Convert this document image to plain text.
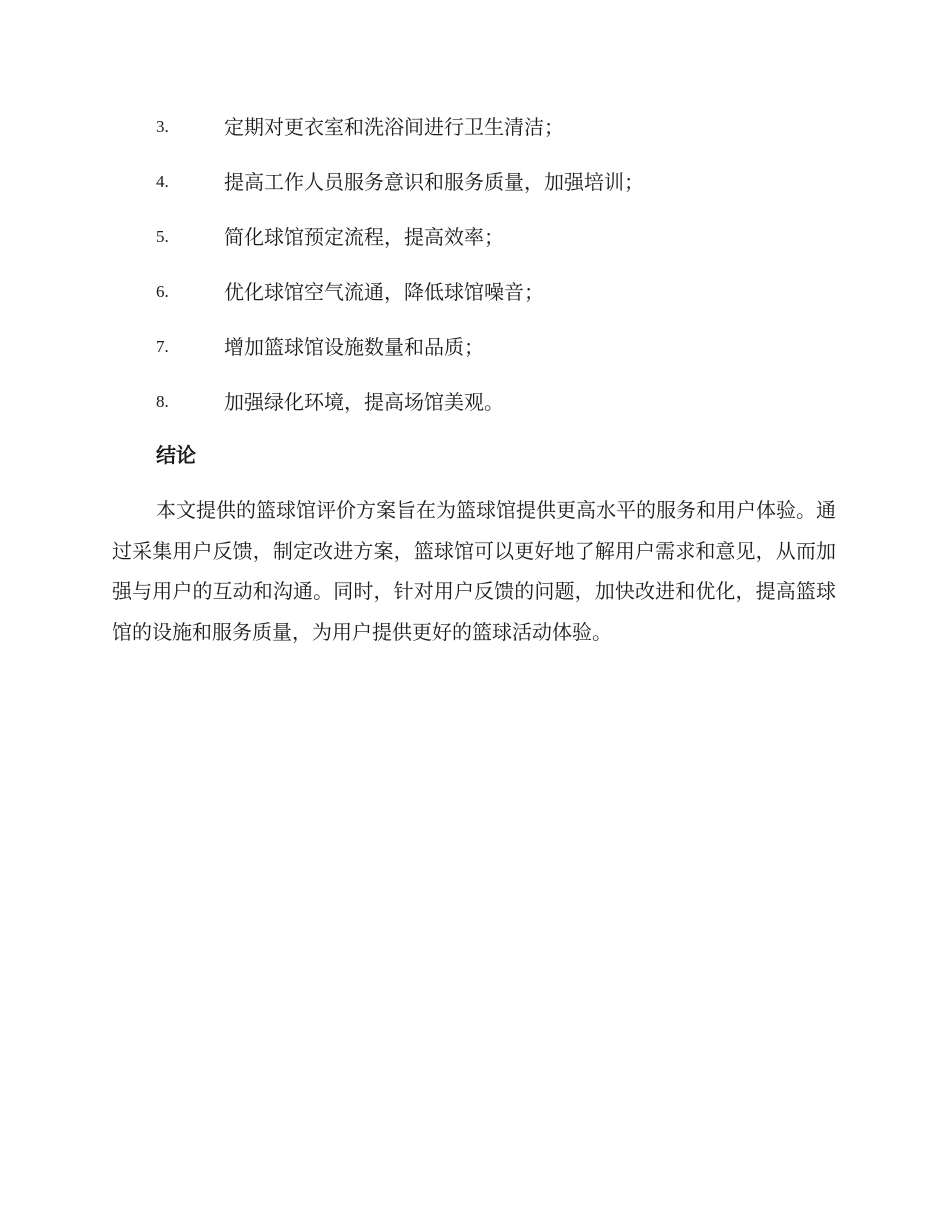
3.	定期对更衣室和洗浴间进行卫生清洁；
4.	提高工作人员服务意识和服务质量，加强培训；
5.	简化球馆预定流程，提高效率；
6.	优化球馆空气流通，降低球馆噪音；
7.	增加篮球馆设施数量和品质；
8.	加强绿化环境，提高场馆美观。
结论

本文提供的篮球馆评价方案旨在为篮球馆提供更高水平的服务和用户体验。通过采集用户反馈，制定改进方案，篮球馆可以更好地了解用户需求和意见，从而加强与用户的互动和沟通。同时，针对用户反馈的问题，加快改进和优化，提高篮球馆的设施和服务质量，为用户提供更好的篮球活动体验。
